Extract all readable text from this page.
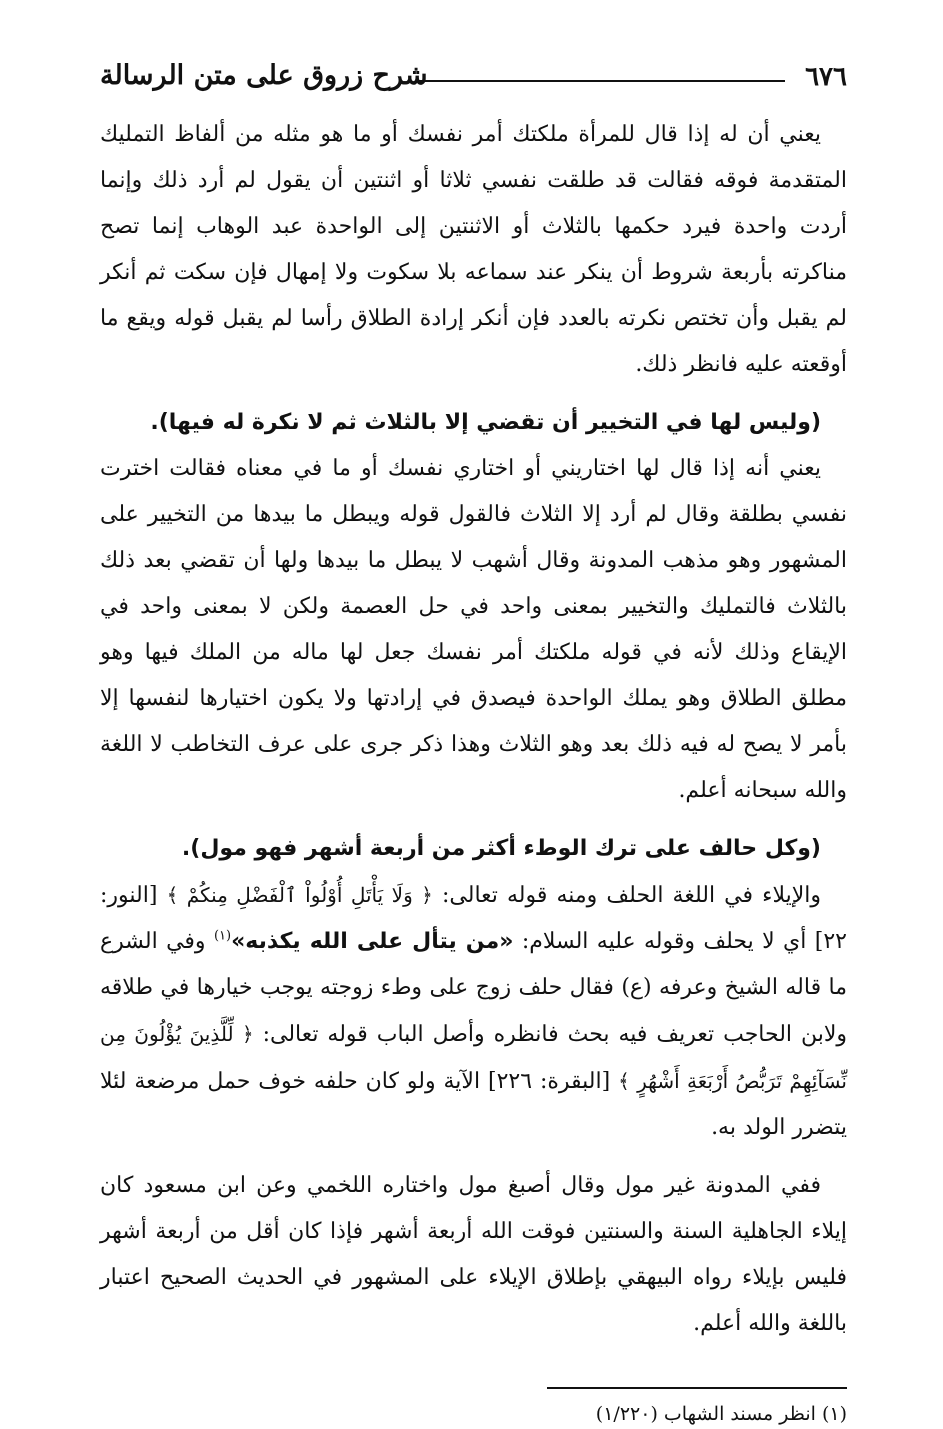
٦٧٦
شرح زروق على متن الرسالة

يعني أن له إذا قال للمرأة ملكتك أمر نفسك أو ما هو مثله من ألفاظ التمليك المتقدمة فوقه فقالت قد طلقت نفسي ثلاثا أو اثنتين أن يقول لم أرد ذلك وإنما أردت واحدة فيرد حكمها بالثلاث أو الاثنتين إلى الواحدة عبد الوهاب إنما تصح مناكرته بأربعة شروط أن ينكر عند سماعه بلا سكوت ولا إمهال فإن سكت ثم أنكر لم يقبل وأن تختص نكرته بالعدد فإن أنكر إرادة الطلاق رأسا لم يقبل قوله ويقع ما أوقعته عليه فانظر ذلك.

(وليس لها في التخيير أن تقضي إلا بالثلاث ثم لا نكرة له فيها).

يعني أنه إذا قال لها اختاريني أو اختاري نفسك أو ما في معناه فقالت اخترت نفسي بطلقة وقال لم أرد إلا الثلاث فالقول قوله ويبطل ما بيدها من التخيير على المشهور وهو مذهب المدونة وقال أشهب لا يبطل ما بيدها ولها أن تقضي بعد ذلك بالثلاث فالتمليك والتخيير بمعنى واحد في حل العصمة ولكن لا بمعنى واحد في الإيقاع وذلك لأنه في قوله ملكتك أمر نفسك جعل لها ماله من الملك فيها وهو مطلق الطلاق وهو يملك الواحدة فيصدق في إرادتها ولا يكون اختيارها لنفسها إلا بأمر لا يصح له فيه ذلك بعد وهو الثلاث وهذا ذكر جرى على عرف التخاطب لا اللغة والله سبحانه أعلم.

(وكل حالف على ترك الوطء أكثر من أربعة أشهر فهو مول).

والإيلاء في اللغة الحلف ومنه قوله تعالى: ﴿ وَلَا يَأْتَلِ أُوْلُواْ ٱلْفَضْلِ مِنكُمْ ﴾ [النور: ٢٢] أي لا يحلف وقوله عليه السلام: «من يتأل على الله يكذبه»$^{(١)}$ وفي الشرع ما قاله الشيخ وعرفه (ع) فقال حلف زوج على وطء زوجته يوجب خيارها في طلاقه ولابن الحاجب تعريف فيه بحث فانظره وأصل الباب قوله تعالى: ﴿ لِّلَّذِينَ يُؤْلُونَ مِن نِّسَآئِهِمْ تَرَبُّصُ أَرْبَعَةِ أَشْهُرٍ ﴾ [البقرة: ٢٢٦] الآية ولو كان حلفه خوف حمل مرضعة لئلا يتضرر الولد به.

ففي المدونة غير مول وقال أصبغ مول واختاره اللخمي وعن ابن مسعود كان إيلاء الجاهلية السنة والسنتين فوقت الله أربعة أشهر فإذا كان أقل من أربعة أشهر فليس بإيلاء رواه البيهقي بإطلاق الإيلاء على المشهور في الحديث الصحيح اعتبار باللغة والله أعلم.

(١) انظر مسند الشهاب (١/٢٢٠)
